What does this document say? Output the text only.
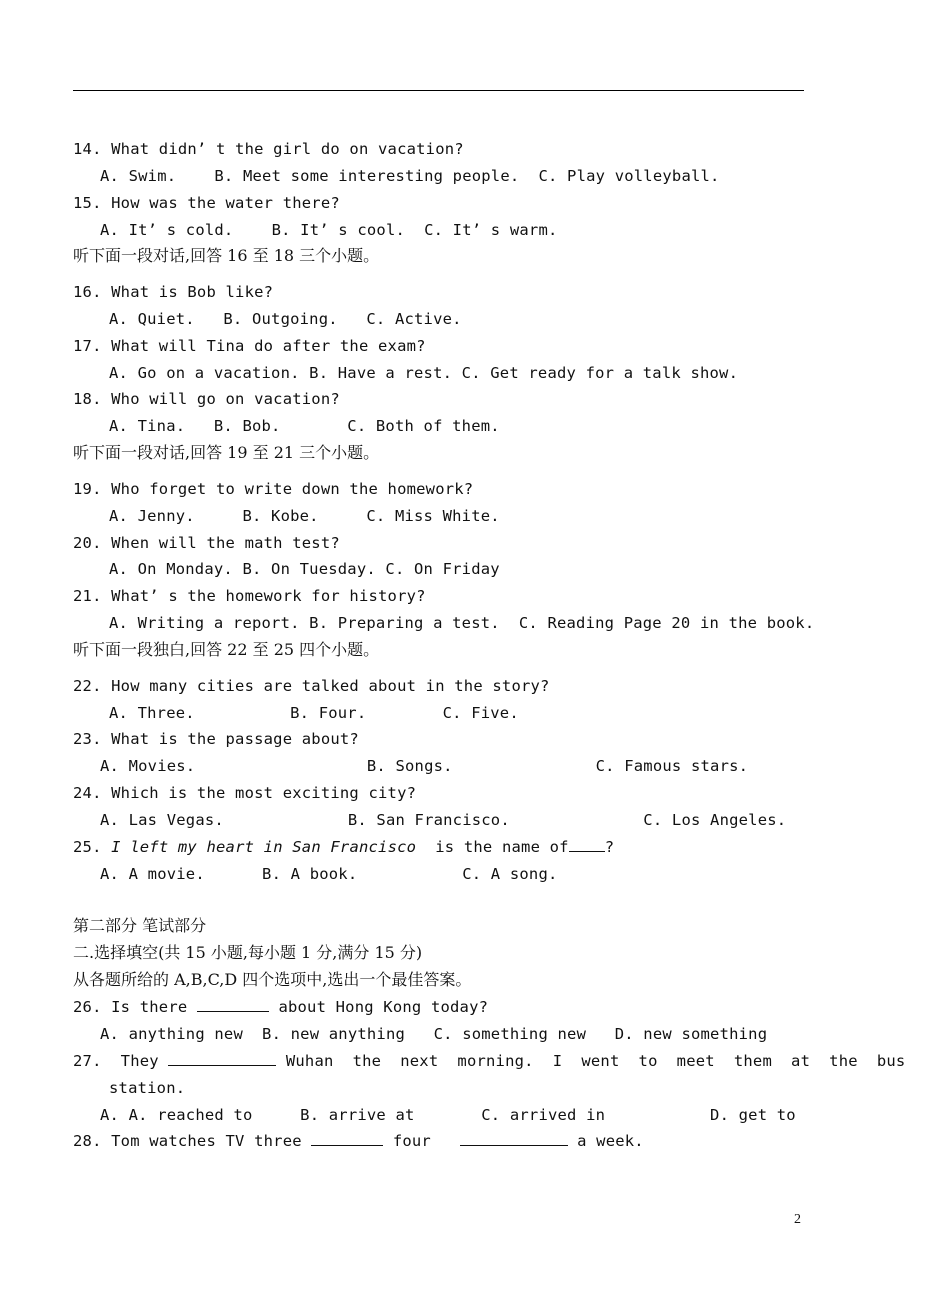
14. What didn’ t the girl do on vacation?
A. Swim.    B. Meet some interesting people.  C. Play volleyball.
15. How was the water there?
A. It’ s cold.    B. It’ s cool.  C. It’ s warm.
听下面一段对话,回答 16 至 18 三个小题。
16. What is Bob like?
A. Quiet.   B. Outgoing.   C. Active.
17. What will Tina do after the exam?
A. Go on a vacation. B. Have a rest. C. Get ready for a talk show.
18. Who will go on vacation?
A. Tina.   B. Bob.       C. Both of them.
听下面一段对话,回答 19 至 21 三个小题。
19. Who forget to write down the homework?
A. Jenny.     B. Kobe.     C. Miss White.
20. When will the math test?
A. On Monday. B. On Tuesday. C. On Friday
21. What’ s the homework for history?
A. Writing a report. B. Preparing a test.  C. Reading Page 20 in the book.
听下面一段独白,回答 22 至 25 四个小题。
22. How many cities are talked about in the story?
A. Three.          B. Four.        C. Five.
23. What is the passage about?
A. Movies.                  B. Songs.               C. Famous stars.
24. Which is the most exciting city?
A. Las Vegas.             B. San Francisco.              C. Los Angeles.
25. I left my heart in San Francisco  is the name of ?
A. A movie.      B. A book.           C. A song.
第二部分 笔试部分
二.选择填空(共 15 小题,每小题 1 分,满分 15 分)
从各题所给的 A,B,C,D 四个选项中,选出一个最佳答案。
26. Is there	about Hong Kong today?
A. anything new  B. new anything   C. something new   D. new something
27.  They	Wuhan  the  next  morning.  I  went  to  meet  them  at  the  bus
station.
A. A. reached to     B. arrive at       C. arrived in           D. get to
28. Tom watches TV three	four	a week.
2
